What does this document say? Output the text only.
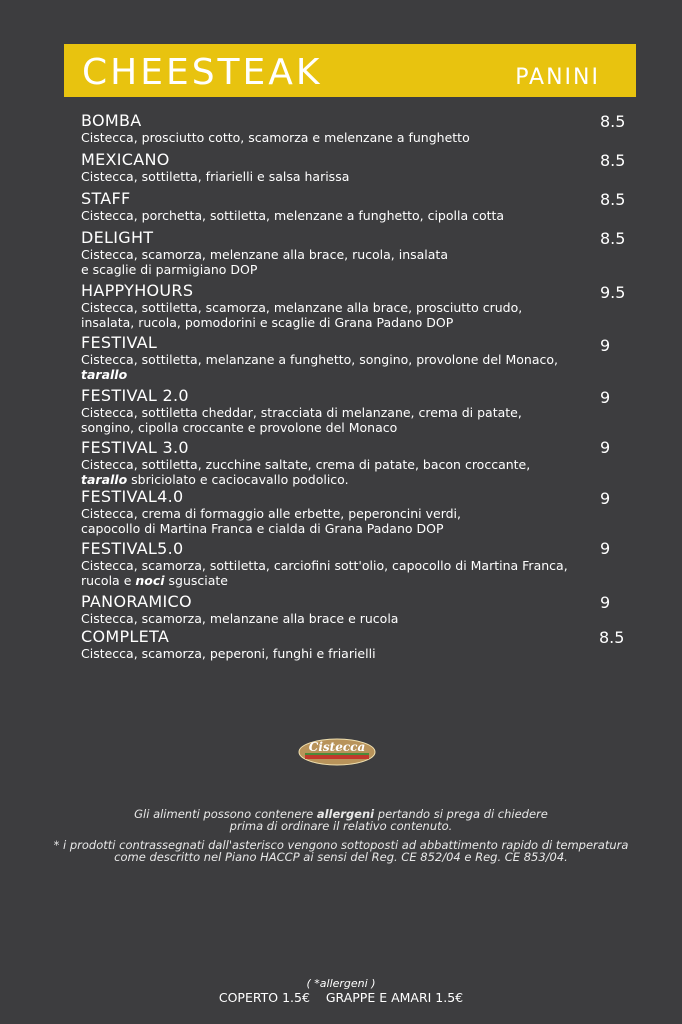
CHEESTEAK	PANINI
BOMBA
Cistecca, prosciutto cotto, scamorza e melenzane a funghetto
8.5
MEXICANO
Cistecca, sottiletta, friarielli e salsa harissa
8.5
STAFF
Cistecca, porchetta, sottiletta, melenzane a funghetto, cipolla cotta
8.5
DELIGHT
Cistecca, scamorza, melenzane alla brace, rucola, insalata
e scaglie di parmigiano DOP
8.5
HAPPYHOURS
Cistecca, sottiletta, scamorza, melanzane alla brace, prosciutto crudo,
insalata, rucola, pomodorini e scaglie di Grana Padano DOP
9.5
FESTIVAL
Cistecca, sottiletta, melanzane a funghetto, songino, provolone del Monaco,
tarallo
9
FESTIVAL 2.0
Cistecca, sottiletta cheddar, stracciata di melanzane, crema di patate,
songino, cipolla croccante e provolone del Monaco
9
FESTIVAL 3.0
Cistecca, sottiletta, zucchine saltate, crema di patate, bacon croccante,
tarallo sbriciolato e caciocavallo podolico.
9
FESTIVAL4.0
Cistecca, crema di formaggio alle erbette, peperoncini verdi,
capocollo di Martina Franca e cialda di Grana Padano DOP
9
FESTIVAL5.0
Cistecca, scamorza, sottiletta, carciofini sott'olio, capocollo di Martina Franca,
rucola e noci sgusciate
9
PANORAMICO
Cistecca, scamorza, melanzane alla brace e rucola
9
COMPLETA
Cistecca, scamorza, peperoni, funghi e friarielli
8.5
Cistecca
Gli alimenti possono contenere allergeni pertando si prega di chiedere
prima di ordinare il relativo contenuto.
* i prodotti contrassegnati dall'asterisco vengono sottoposti ad abbattimento rapido di temperatura
come descritto nel Piano HACCP ai sensi del Reg. CE 852/04 e Reg. CE 853/04.
( *allergeni )
COPERTO 1.5€ GRAPPE E AMARI 1.5€
